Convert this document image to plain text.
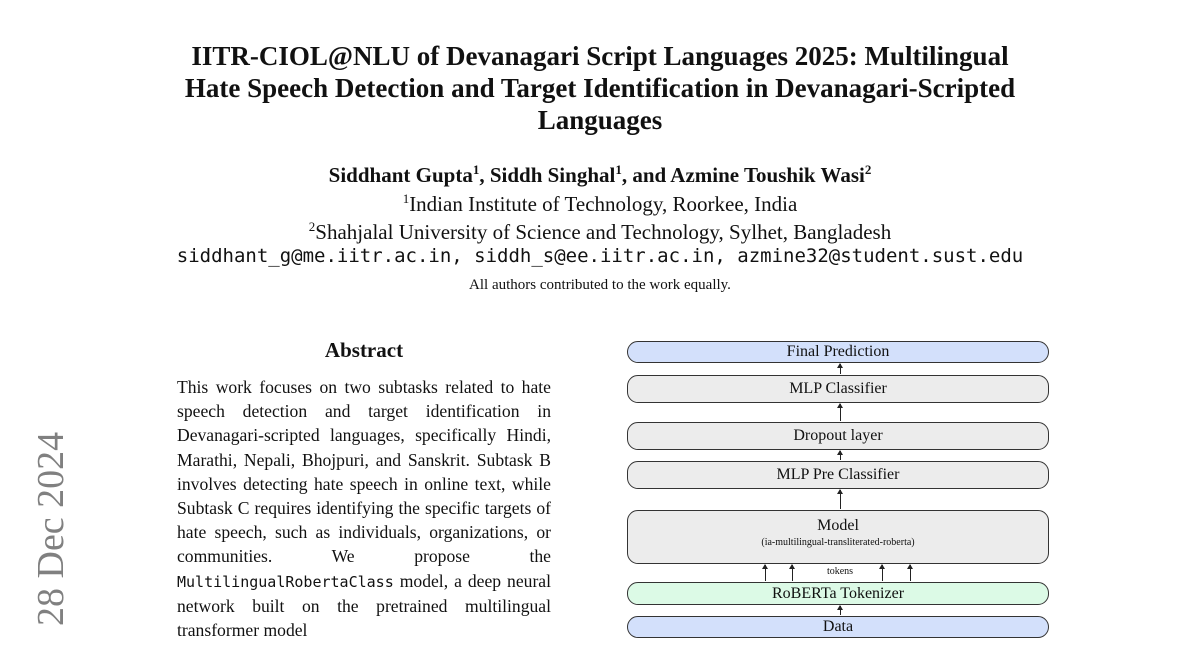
28 Dec 2024
IITR-CIOL@NLU of Devanagari Script Languages 2025: Multilingual
Hate Speech Detection and Target Identification in Devanagari-Scripted
Languages
Siddhant Gupta$^1$, Siddh Singhal$^1$, and Azmine Toushik Wasi$^2$
$^1$Indian Institute of Technology, Roorkee, India
$^2$Shahjalal University of Science and Technology, Sylhet, Bangladesh
siddhant_g@me.iitr.ac.in, siddh_s@ee.iitr.ac.in, azmine32@student.sust.edu
All authors contributed to the work equally.
Abstract
This work focuses on two subtasks related to hate speech detection and target identification in Devanagari-scripted languages, specifically Hindi, Marathi, Nepali, Bhojpuri, and Sanskrit. Subtask B involves detecting hate speech in online text, while Subtask C requires identifying the specific targets of hate speech, such as individuals, organizations, or communities. We propose the MultilingualRobertaClass model, a deep neural network built on the pretrained multilingual transformer model
Final Prediction
MLP Classifier
Dropout layer
MLP Pre Classifier
Model
(ia-multilingual-transliterated-roberta)
tokens
RoBERTa Tokenizer
Data
